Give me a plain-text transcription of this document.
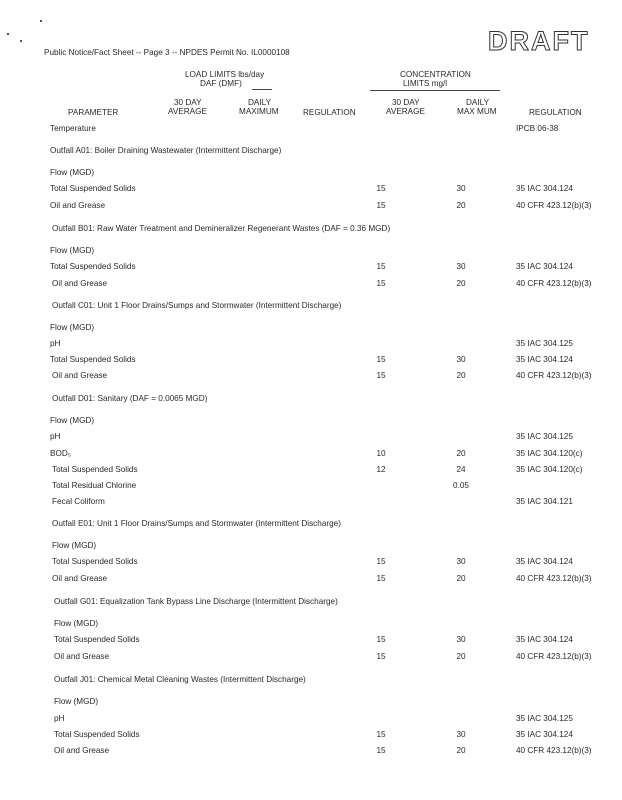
Public Notice/Fact Sheet -- Page 3 -- NPDES Permit No. IL0000108	DRAFT
LOAD LIMITS lbs/day
DAF (DMF)
CONCENTRATION
LIMITS mg/l
PARAMETER
30 DAY
AVERAGE
DAILY
MAXIMUM	REGULATION
30 DAY
AVERAGE
DAILY
MAX MUM	REGULATION
Temperature	IPCB 06-38
Outfall A01: Boiler Draining Wastewater (Intermittent Discharge)
Flow (MGD)
Total Suspended Solids	15	30	35 IAC 304.124
Oil and Grease	15	20	40 CFR 423.12(b)(3)
Outfall B01: Raw Water Treatment and Demineralizer Regenerant Wastes (DAF = 0.36 MGD)
Flow (MGD)
Total Suspended Solids	15	30	35 IAC 304.124
Oil and Grease	15	20	40 CFR 423.12(b)(3)
Outfall C01: Unit 1 Floor Drains/Sumps and Stormwater (Intermittent Discharge)
Flow (MGD)
pH	35 IAC 304.125
Total Suspended Solids	15	30	35 IAC 304.124
Oil and Grease	15	20	40 CFR 423.12(b)(3)
Outfall D01: Sanitary (DAF = 0.0065 MGD)
Flow (MGD)
pH	35 IAC 304.125
BOD₅	10	20	35 IAC 304.120(c)
Total Suspended Solids	12	24	35 IAC 304.120(c)
Total Residual Chlorine	0.05
Fecal Coliform	35 IAC 304.121
Outfall E01: Unit 1 Floor Drains/Sumps and Stormwater (Intermittent Discharge)
Flow (MGD)
Total Suspended Solids	15	30	35 IAC 304.124
Oil and Grease	15	20	40 CFR 423.12(b)(3)
Outfall G01: Equalization Tank Bypass Line Discharge (Intermittent Discharge)
Flow (MGD)
Total Suspended Solids	15	30	35 IAC 304.124
Oil and Grease	15	20	40 CFR 423.12(b)(3)
Outfall J01: Chemical Metal Cleaning Wastes (Intermittent Discharge)
Flow (MGD)
pH	35 IAC 304.125
Total Suspended Solids	15	30	35 IAC 304.124
Oil and Grease	15	20	40 CFR 423.12(b)(3)
